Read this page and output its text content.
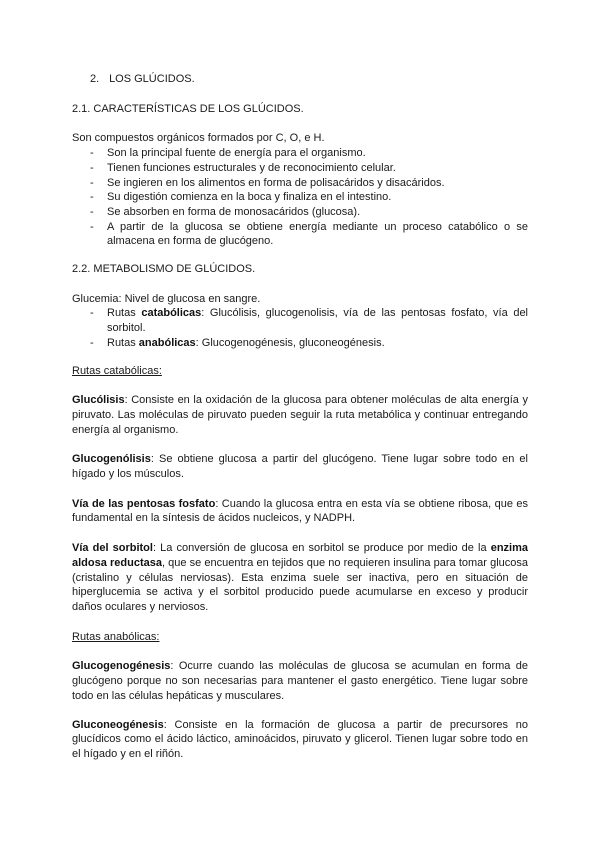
2. LOS GLÚCIDOS.

2.1. CARACTERÍSTICAS DE LOS GLÚCIDOS.

Son compuestos orgánicos formados por C, O, e H.

- Son la principal fuente de energía para el organismo.
- Tienen funciones estructurales y de reconocimiento celular.
- Se ingieren en los alimentos en forma de polisacáridos y disacáridos.
- Su digestión comienza en la boca y finaliza en el intestino.
- Se absorben en forma de monosacáridos (glucosa).
- A partir de la glucosa se obtiene energía mediante un proceso catabólico o se almacena en forma de glucógeno.

2.2. METABOLISMO DE GLÚCIDOS.

Glucemia: Nivel de glucosa en sangre.

- Rutas catabólicas: Glucólisis, glucogenolisis, vía de las pentosas fosfato, vía del sorbitol.
- Rutas anabólicas: Glucogenogénesis, gluconeogénesis.

Rutas catabólicas:

Glucólisis: Consiste en la oxidación de la glucosa para obtener moléculas de alta energía y piruvato. Las moléculas de piruvato pueden seguir la ruta metabólica y continuar entregando energía al organismo.

Glucogenólisis: Se obtiene glucosa a partir del glucógeno. Tiene lugar sobre todo en el hígado y los músculos.

Vía de las pentosas fosfato: Cuando la glucosa entra en esta vía se obtiene ribosa, que es fundamental en la síntesis de ácidos nucleicos, y NADPH.

Vía del sorbitol: La conversión de glucosa en sorbitol se produce por medio de la enzima aldosa reductasa, que se encuentra en tejidos que no requieren insulina para tomar glucosa (cristalino y células nerviosas). Esta enzima suele ser inactiva, pero en situación de hiperglucemia se activa y el sorbitol producido puede acumularse en exceso y producir daños oculares y nerviosos.

Rutas anabólicas:

Glucogenogénesis: Ocurre cuando las moléculas de glucosa se acumulan en forma de glucógeno porque no son necesarias para mantener el gasto energético. Tiene lugar sobre todo en las células hepáticas y musculares.

Gluconeogénesis: Consiste en la formación de glucosa a partir de precursores no glucídicos como el ácido láctico, aminoácidos, piruvato y glicerol. Tienen lugar sobre todo en el hígado y en el riñón.
